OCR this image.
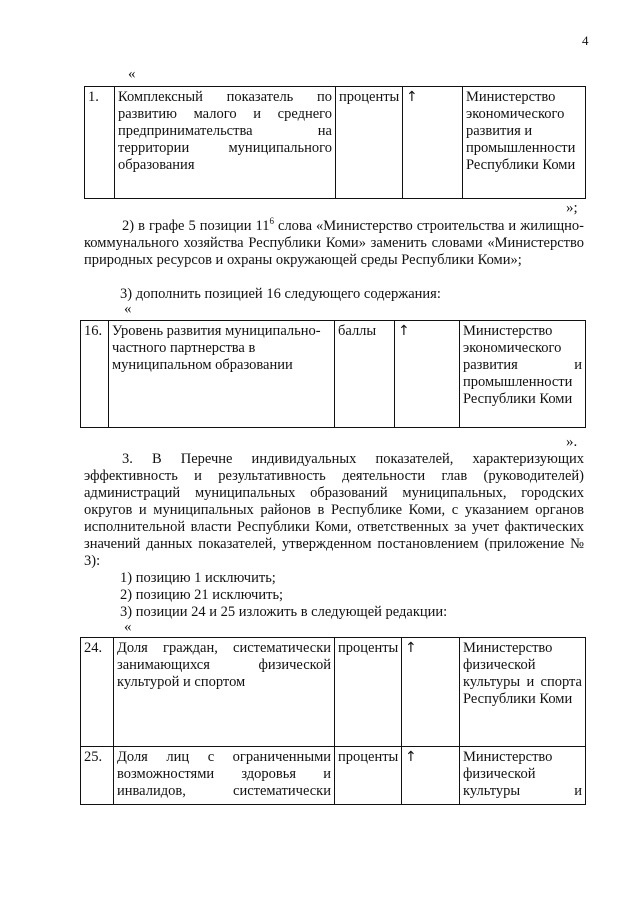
4
«
1.	Комплексный показатель по развитию малого и среднего предпринимательства на территории муниципального образования	проценты	↑	Министерство экономического развития и промышленности Республики Коми
»;
2) в графе 5 позиции $11^6$ слова «Министерство строительства и жилищно-коммунального хозяйства Республики Коми» заменить словами «Министерство природных ресурсов и охраны окружающей среды Республики Коми»;
3) дополнить позицией 16 следующего содержания:
«
16.	Уровень развития муниципально-частного партнерства в муниципальном образовании	баллы	↑	Министерство экономического развития и промышленности Республики Коми
».
3. В Перечне индивидуальных показателей, характеризующих эффективность и результативность деятельности глав (руководителей) администраций муниципальных образований муниципальных, городских округов и муниципальных районов в Республике Коми, с указанием органов исполнительной власти Республики Коми, ответственных за учет фактических значений данных показателей, утвержденном постановлением (приложение № 3):
1) позицию 1 исключить;
2) позицию 21 исключить;
3) позиции 24 и 25 изложить в следующей редакции:
«
24.	Доля граждан, систематически занимающихся физической культурой и спортом	проценты	↑	Министерство физической культуры и спорта Республики Коми
25.	Доля лиц с ограниченными возможностями здоровья и инвалидов, систематически	проценты	↑	Министерство физической культуры и
